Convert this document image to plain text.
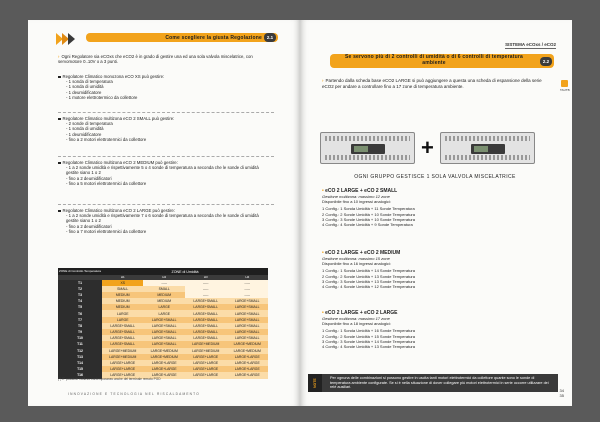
Come scegliere la giusta Regolazione	2.1
› Ogni Regolatore sia eCOxs che eCO2 è in grado di gestire una ed una sola valvola miscelatrice, con servomotore 0..10V o a 3 punti.
Regolatore Climatico monozona eCO XS può gestire:
- 1 sonda di temperatura
- 1 sonda di umidità
- 1 deumidificatore
- 1 motore elettrotermico da collettore
Regolatore Climatico multizona eCO 2 SMALL può gestire:
- 2 sonde di temperatura
- 1 sonda di umidità
- 1 deumidificatore
- fino a 2 motori elettrotermici da collettore
Regolatore Climatico multizona eCO 2 MEDIUM può gestire:
- 1 a 2 sonde umidità e rispettivamente 5 o 4 sonde di temperatura a seconda che le sonde di umidità gestite siano 1 o 2
- fino a 2 deumidificatori
- fino a 5 motori elettrotermici da collettore
Regolatore Climatico multizona eCO 2 LARGE può gestire:
- 1 a 2 sonde umidità e rispettivamente 7 o 6 sonde di temperatura a seconda che le sonde di umidità gestite siano 1 o 2
- fino a 2 deumidificatori
- fino a 7 motori elettrotermici da collettore
ZONE di Controllo Temperatura	ZONE di Umidità			
	H1	H2	H3	H4
T1	XS	-----	-----	-----
T2	SMALL	SMALL	-----	-----
T3	MEDIUM	MEDIUM	-----	-----
T4	MEDIUM	MEDIUM	LARGE+SMALL	LARGE+SMALL
T5	MEDIUM	LARGE	LARGE+SMALL	LARGE+SMALL
T6	LARGE	LARGE	LARGE+SMALL	LARGE+SMALL
T7	LARGE	LARGE+SMALL	LARGE+SMALL	LARGE+SMALL
T8	LARGE+SMALL	LARGE+SMALL	LARGE+SMALL	LARGE+SMALL
T9	LARGE+SMALL	LARGE+SMALL	LARGE+SMALL	LARGE+SMALL
T10	LARGE+SMALL	LARGE+SMALL	LARGE+SMALL	LARGE+SMALL
T11	LARGE+SMALL	LARGE+SMALL	LARGE+MEDIUM	LARGE+MEDIUM
T12	LARGE+MEDIUM	LARGE+MEDIUM	LARGE+MEDIUM	LARGE+MEDIUM
T13	LARGE+MEDIUM	LARGE+MEDIUM	LARGE+LARGE	LARGE+LARGE
T14	LARGE+LARGE	LARGE+LARGE	LARGE+LARGE	LARGE+LARGE
T15	LARGE+LARGE	LARGE+LARGE	LARGE+LARGE	LARGE+LARGE
T16	LARGE+LARGE	LARGE+LARGE	LARGE+LARGE	LARGE+LARGE
(*) E' possibile l'utilizzo contemporaneo anche del terminale remoto PGD
INNOVAZIONE E TECNOLOGIA NEL RISCALDAMENTO
SISTEMA eCOxs / eCO2
Se servono più di 2 controlli di umidità o di 6 controlli di temperatura ambiente	2.2
TAUTB
› Partendo dalla scheda base eCO2 LARGE si può aggiungere a questa una scheda di espansione della serie eCO2 per andare a controllare fino a 17 zone di temperatura ambiente.
+
OGNI GRUPPO GESTISCE 1 SOLA VALVOLA MISCELATRICE
• eCO 2 LARGE + eCO 2 SMALL
Gestione multizona: massimo 12 zone
Disponibile fino a 10 ingressi analogici:
1 Config.: 1 Sonda Umidità + 11 Sonde Temperatura
2 Config.: 2 Sonde Umidità + 10 Sonde Temperatura
3 Config.: 3 Sonde Umidità + 10 Sonde Temperatura
4 Config.: 4 Sonde Umidità + 9 Sonde Temperatura
• eCO 2 LARGE + eCO 2 MEDIUM
Gestione multizona: massimo 15 zone
Disponibile fino a 16 ingressi analogici:
1 Config.: 1 Sonda Umidità + 14 Sonde Temperatura
2 Config.: 2 Sonde Umidità + 13 Sonde Temperatura
3 Config.: 3 Sonde Umidità + 13 Sonde Temperatura
4 Config.: 4 Sonde Umidità + 12 Sonde Temperatura
• eCO 2 LARGE + eCO 2 LARGE
Gestione multizona: massimo 17 zone
Disponibile fino a 18 ingressi analogici:
1 Config.: 1 Sonda Umidità + 16 Sonde Temperatura
2 Config.: 2 Sonde Umidità + 15 Sonde Temperatura
3 Config.: 3 Sonde Umidità + 14 Sonde Temperatura
4 Config.: 4 Sonde Umidità + 13 Sonde Temperatura
Per ognuna delle combinazioni si possono gestire in uscita tanti motori elettrotermici da collettore quante sono le sonde di temperatura ambiente configurate. Se si è nella situazione di dover collegare più motori elettrotermici in serie occorre utilizzare dei relè ausiliari.
NOTE
34
35
